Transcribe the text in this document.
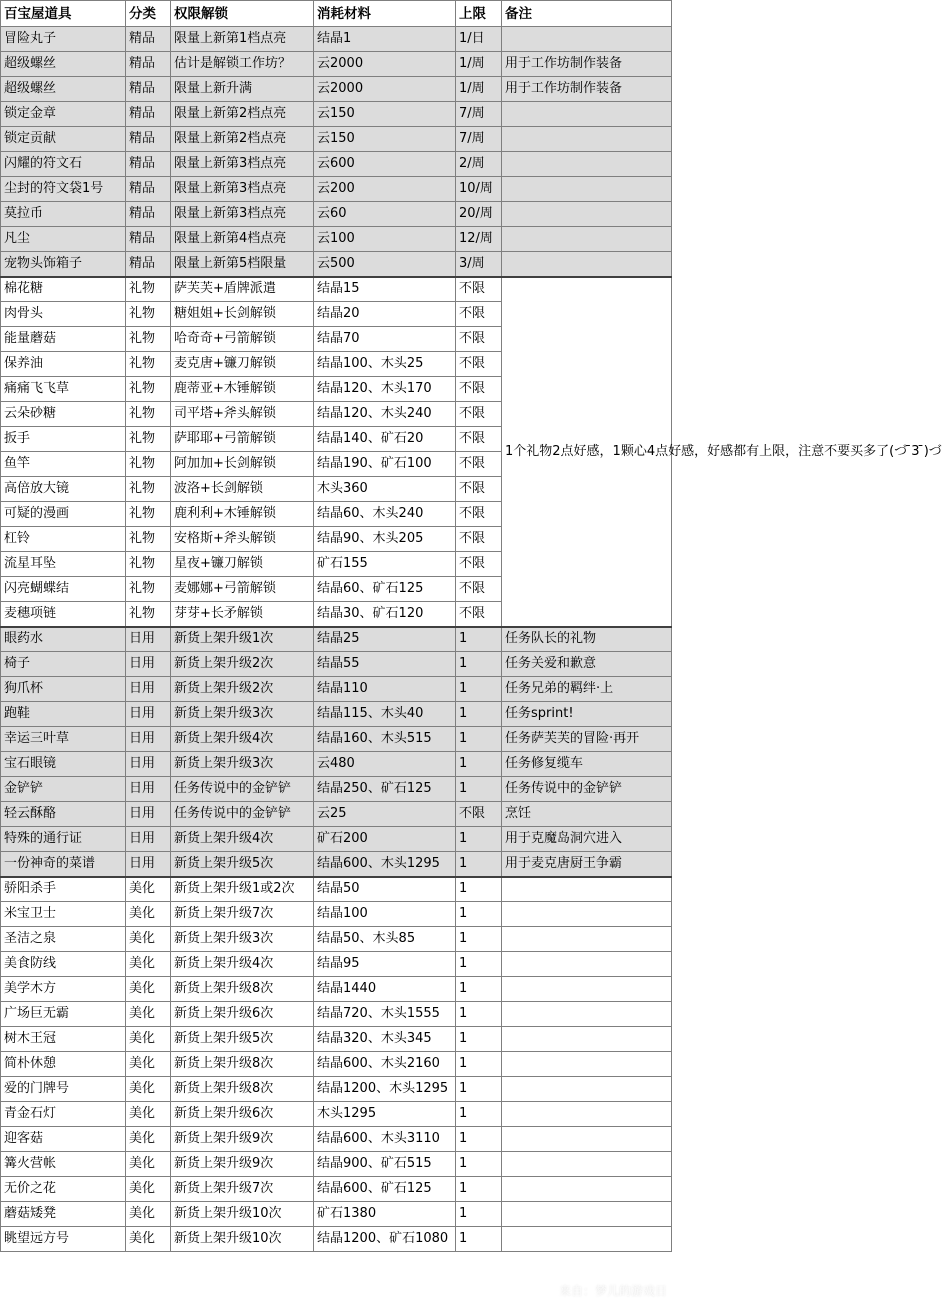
百宝屋道具	分类	权限解锁	消耗材料	上限	备注
冒险丸子	精品	限量上新第1档点亮	结晶1	1/日	
超级螺丝	精品	估计是解锁工作坊？	云2000	1/周	用于工作坊制作装备
超级螺丝	精品	限量上新升满	云2000	1/周	用于工作坊制作装备
锁定金章	精品	限量上新第2档点亮	云150	7/周	
锁定贡献	精品	限量上新第2档点亮	云150	7/周	
闪耀的符文石	精品	限量上新第3档点亮	云600	2/周	
尘封的符文袋1号	精品	限量上新第3档点亮	云200	10/周	
莫拉币	精品	限量上新第3档点亮	云60	20/周	
凡尘	精品	限量上新第4档点亮	云100	12/周	
宠物头饰箱子	精品	限量上新第5档限量	云500	3/周	
棉花糖	礼物	萨芙芙+盾牌派遣	结晶15	不限	1个礼物2点好感，1颗心4点好感，好感都有上限，注意不要买多了(づ ̄3 ̄)づ
肉骨头	礼物	糖姐姐+长剑解锁	结晶20	不限	
能量蘑菇	礼物	哈奇奇+弓箭解锁	结晶70	不限	
保养油	礼物	麦克唐+镰刀解锁	结晶100、木头25	不限	
痛痛飞飞草	礼物	鹿蒂亚+木锤解锁	结晶120、木头170	不限	
云朵砂糖	礼物	司平塔+斧头解锁	结晶120、木头240	不限	
扳手	礼物	萨耶耶+弓箭解锁	结晶140、矿石20	不限	
鱼竿	礼物	阿加加+长剑解锁	结晶190、矿石100	不限	
高倍放大镜	礼物	波洛+长剑解锁	木头360	不限	
可疑的漫画	礼物	鹿利利+木锤解锁	结晶60、木头240	不限	
杠铃	礼物	安格斯+斧头解锁	结晶90、木头205	不限	
流星耳坠	礼物	星夜+镰刀解锁	矿石155	不限	
闪亮蝴蝶结	礼物	麦娜娜+弓箭解锁	结晶60、矿石125	不限	
麦穗项链	礼物	芽芽+长矛解锁	结晶30、矿石120	不限	
眼药水	日用	新货上架升级1次	结晶25	1	任务队长的礼物
椅子	日用	新货上架升级2次	结晶55	1	任务关爱和歉意
狗爪杯	日用	新货上架升级2次	结晶110	1	任务兄弟的羁绊·上
跑鞋	日用	新货上架升级3次	结晶115、木头40	1	任务sprint!
幸运三叶草	日用	新货上架升级4次	结晶160、木头515	1	任务萨芙芙的冒险·再开
宝石眼镜	日用	新货上架升级3次	云480	1	任务修复缆车
金铲铲	日用	任务传说中的金铲铲	结晶250、矿石125	1	任务传说中的金铲铲
轻云酥酪	日用	任务传说中的金铲铲	云25	不限	烹饪
特殊的通行证	日用	新货上架升级4次	矿石200	1	用于克魔岛洞穴进入
一份神奇的菜谱	日用	新货上架升级5次	结晶600、木头1295	1	用于麦克唐厨王争霸
骄阳杀手	美化	新货上架升级1或2次	结晶50	1	
米宝卫士	美化	新货上架升级7次	结晶100	1	
圣洁之泉	美化	新货上架升级3次	结晶50、木头85	1	
美食防线	美化	新货上架升级4次	结晶95	1	
美学木方	美化	新货上架升级8次	结晶1440	1	
广场巨无霸	美化	新货上架升级6次	结晶720、木头1555	1	
树木王冠	美化	新货上架升级5次	结晶320、木头345	1	
简朴休憩	美化	新货上架升级8次	结晶600、木头2160	1	
爱的门牌号	美化	新货上架升级8次	结晶1200、木头1295	1	
青金石灯	美化	新货上架升级6次	木头1295	1	
迎客菇	美化	新货上架升级9次	结晶600、木头3110	1	
篝火营帐	美化	新货上架升级9次	结晶900、矿石515	1	
无价之花	美化	新货上架升级7次	结晶600、矿石125	1	
蘑菇矮凳	美化	新货上架升级10次	矿石1380	1	
眺望远方号	美化	新货上架升级10次	结晶1200、矿石1080	1	
来自：梦儿的游戏日
